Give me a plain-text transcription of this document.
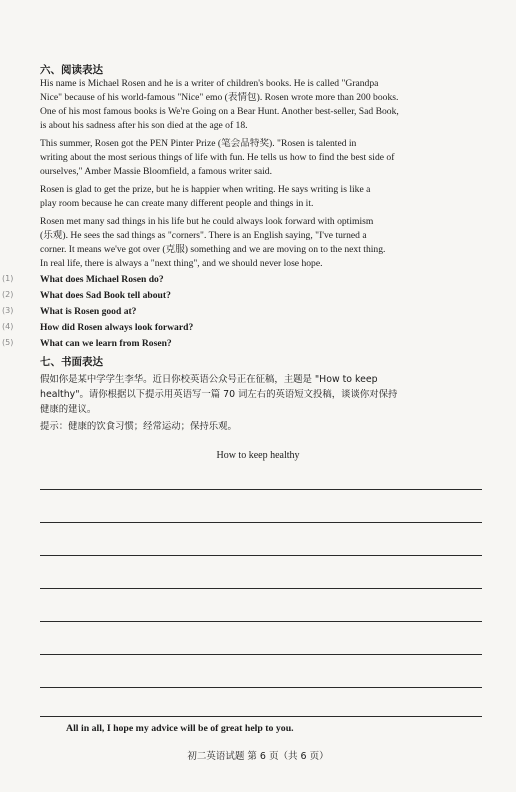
六、阅读表达
His name is Michael Rosen and he is a writer of children's books. He is called "Grandpa
Nice" because of his world-famous "Nice" emo (表情包). Rosen wrote more than 200 books.
One of his most famous books is We're Going on a Bear Hunt. Another best-seller, Sad Book,
is about his sadness after his son died at the age of 18.
This summer, Rosen got the PEN Pinter Prize (笔会品特奖). "Rosen is talented in
writing about the most serious things of life with fun. He tells us how to find the best side of
ourselves," Amber Massie Bloomfield, a famous writer said.
Rosen is glad to get the prize, but he is happier when writing. He says writing is like a
play room because he can create many different people and things in it.
Rosen met many sad things in his life but he could always look forward with optimism
(乐观). He sees the sad things as "corners". There is an English saying, "I've turned a
corner. It means we've got over (克服) something and we are moving on to the next thing.
In real life, there is always a "next thing", and we should never lose hope.
(1)	What does Michael Rosen do?
(2)	What does Sad Book tell about?
(3)	What is Rosen good at?
(4)	How did Rosen always look forward?
(5)	What can we learn from Rosen?
七、书面表达
假如你是某中学学生李华。近日你校英语公众号正在征稿，主题是 "How to keep
healthy"。请你根据以下提示用英语写一篇 70 词左右的英语短文投稿，谈谈你对保持
健康的建议。
提示：健康的饮食习惯；经常运动；保持乐观。
How to keep healthy
All in all, I hope my advice will be of great help to you.
初二英语试题 第 6 页（共 6 页）
